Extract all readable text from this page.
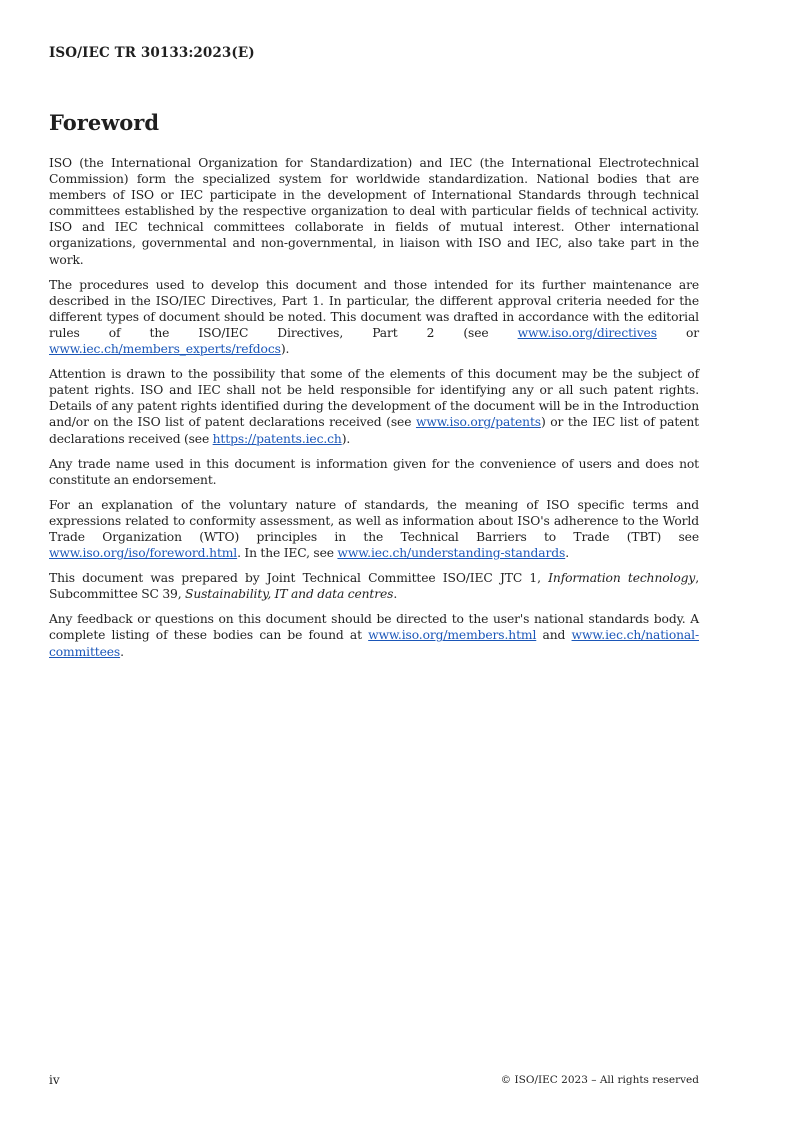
ISO/IEC TR 30133:2023(E)
Foreword

ISO (the International Organization for Standardization) and IEC (the International Electrotechnical Commission) form the specialized system for worldwide standardization. National bodies that are members of ISO or IEC participate in the development of International Standards through technical committees established by the respective organization to deal with particular fields of technical activity. ISO and IEC technical committees collaborate in fields of mutual interest. Other international organizations, governmental and non-governmental, in liaison with ISO and IEC, also take part in the work.

The procedures used to develop this document and those intended for its further maintenance are described in the ISO/IEC Directives, Part 1. In particular, the different approval criteria needed for the different types of document should be noted. This document was drafted in accordance with the editorial rules of the ISO/IEC Directives, Part 2 (see www.iso.org/directives or www.iec.ch/members_experts/refdocs).

Attention is drawn to the possibility that some of the elements of this document may be the subject of patent rights. ISO and IEC shall not be held responsible for identifying any or all such patent rights. Details of any patent rights identified during the development of the document will be in the Introduction and/or on the ISO list of patent declarations received (see www.iso.org/patents) or the IEC list of patent declarations received (see https://patents.iec.ch).

Any trade name used in this document is information given for the convenience of users and does not constitute an endorsement.

For an explanation of the voluntary nature of standards, the meaning of ISO specific terms and expressions related to conformity assessment, as well as information about ISO's adherence to the World Trade Organization (WTO) principles in the Technical Barriers to Trade (TBT) see www.iso.org/iso/foreword.html. In the IEC, see www.iec.ch/understanding-standards.

This document was prepared by Joint Technical Committee ISO/IEC JTC 1, Information technology, Subcommittee SC 39, Sustainability, IT and data centres.

Any feedback or questions on this document should be directed to the user's national standards body. A complete listing of these bodies can be found at www.iso.org/members.html and www.iec.ch/national-committees.

iv	© ISO/IEC 2023 – All rights reserved
